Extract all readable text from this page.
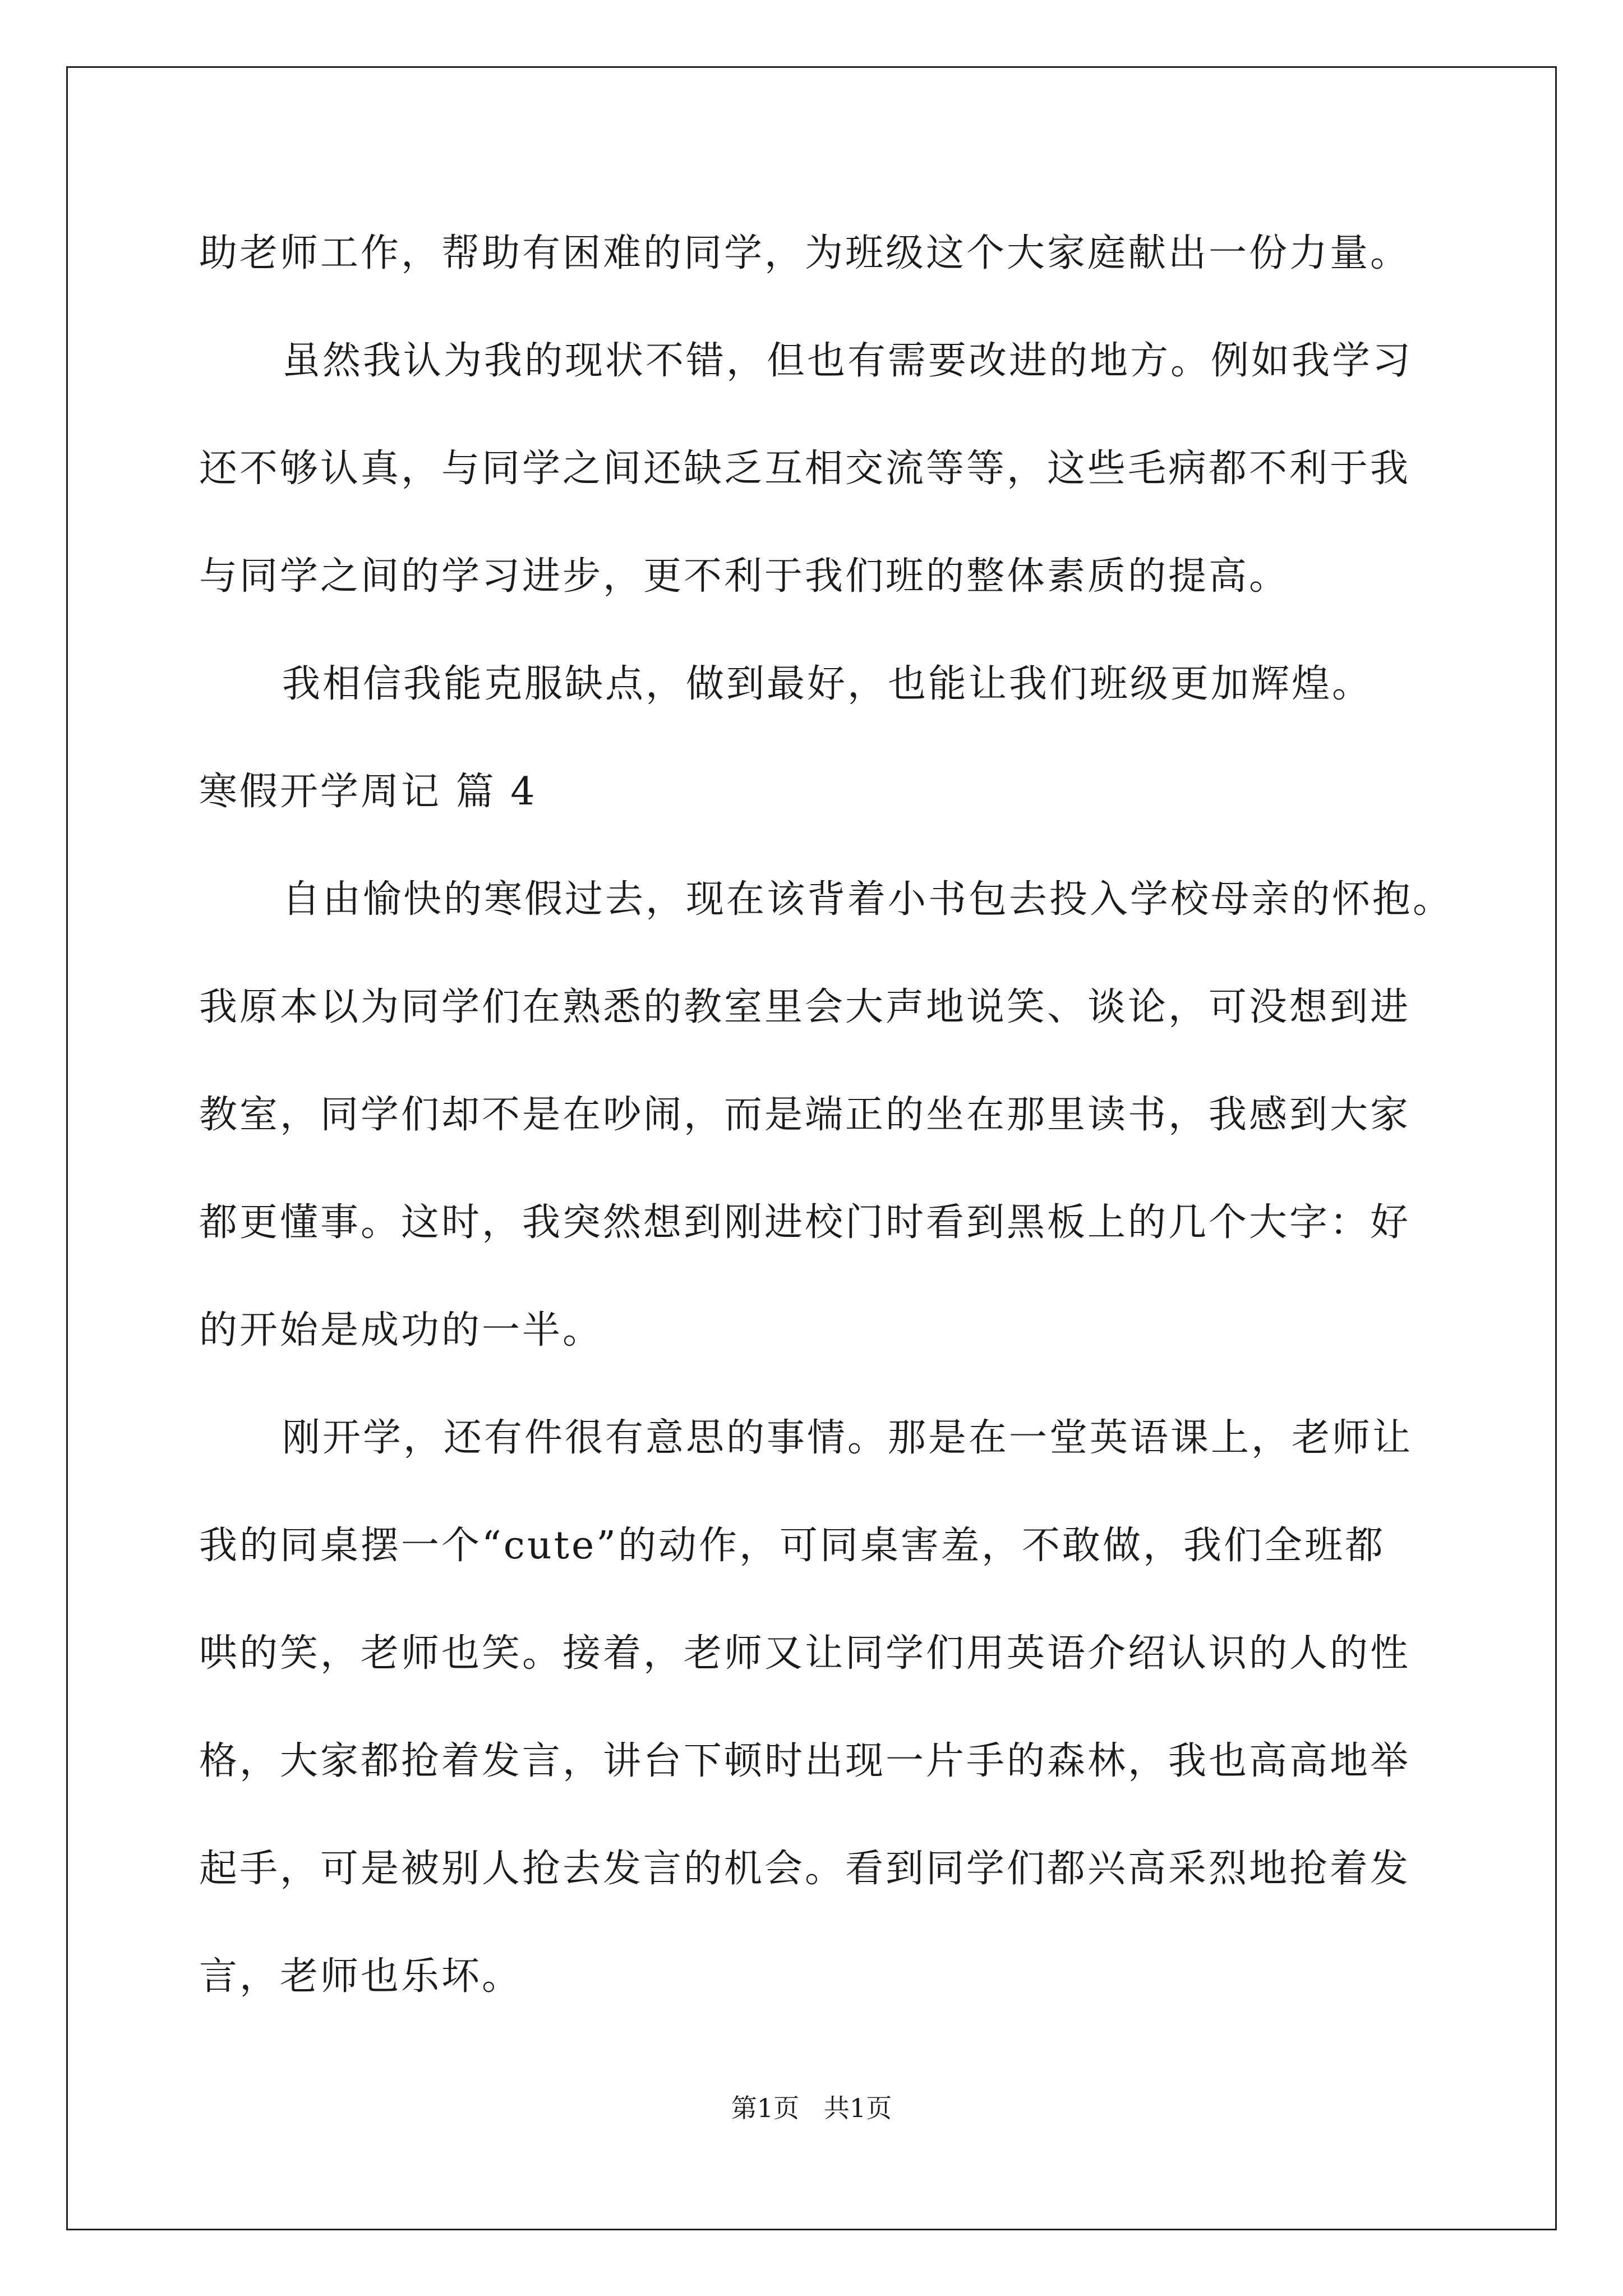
助老师工作，帮助有困难的同学，为班级这个大家庭献出一份力量。
虽然我认为我的现状不错，但也有需要改进的地方。例如我学习
还不够认真，与同学之间还缺乏互相交流等等，这些毛病都不利于我
与同学之间的学习进步，更不利于我们班的整体素质的提高。
我相信我能克服缺点，做到最好，也能让我们班级更加辉煌。
寒假开学周记 篇 4
自由愉快的寒假过去，现在该背着小书包去投入学校母亲的怀抱。
我原本以为同学们在熟悉的教室里会大声地说笑、谈论，可没想到进
教室，同学们却不是在吵闹，而是端正的坐在那里读书，我感到大家
都更懂事。这时，我突然想到刚进校门时看到黑板上的几个大字：好
的开始是成功的一半。
刚开学，还有件很有意思的事情。那是在一堂英语课上，老师让
我的同桌摆一个“cute”的动作，可同桌害羞，不敢做，我们全班都
哄的笑，老师也笑。接着，老师又让同学们用英语介绍认识的人的性
格，大家都抢着发言，讲台下顿时出现一片手的森林，我也高高地举
起手，可是被别人抢去发言的机会。看到同学们都兴高采烈地抢着发
言，老师也乐坏。
第1页   共1页
